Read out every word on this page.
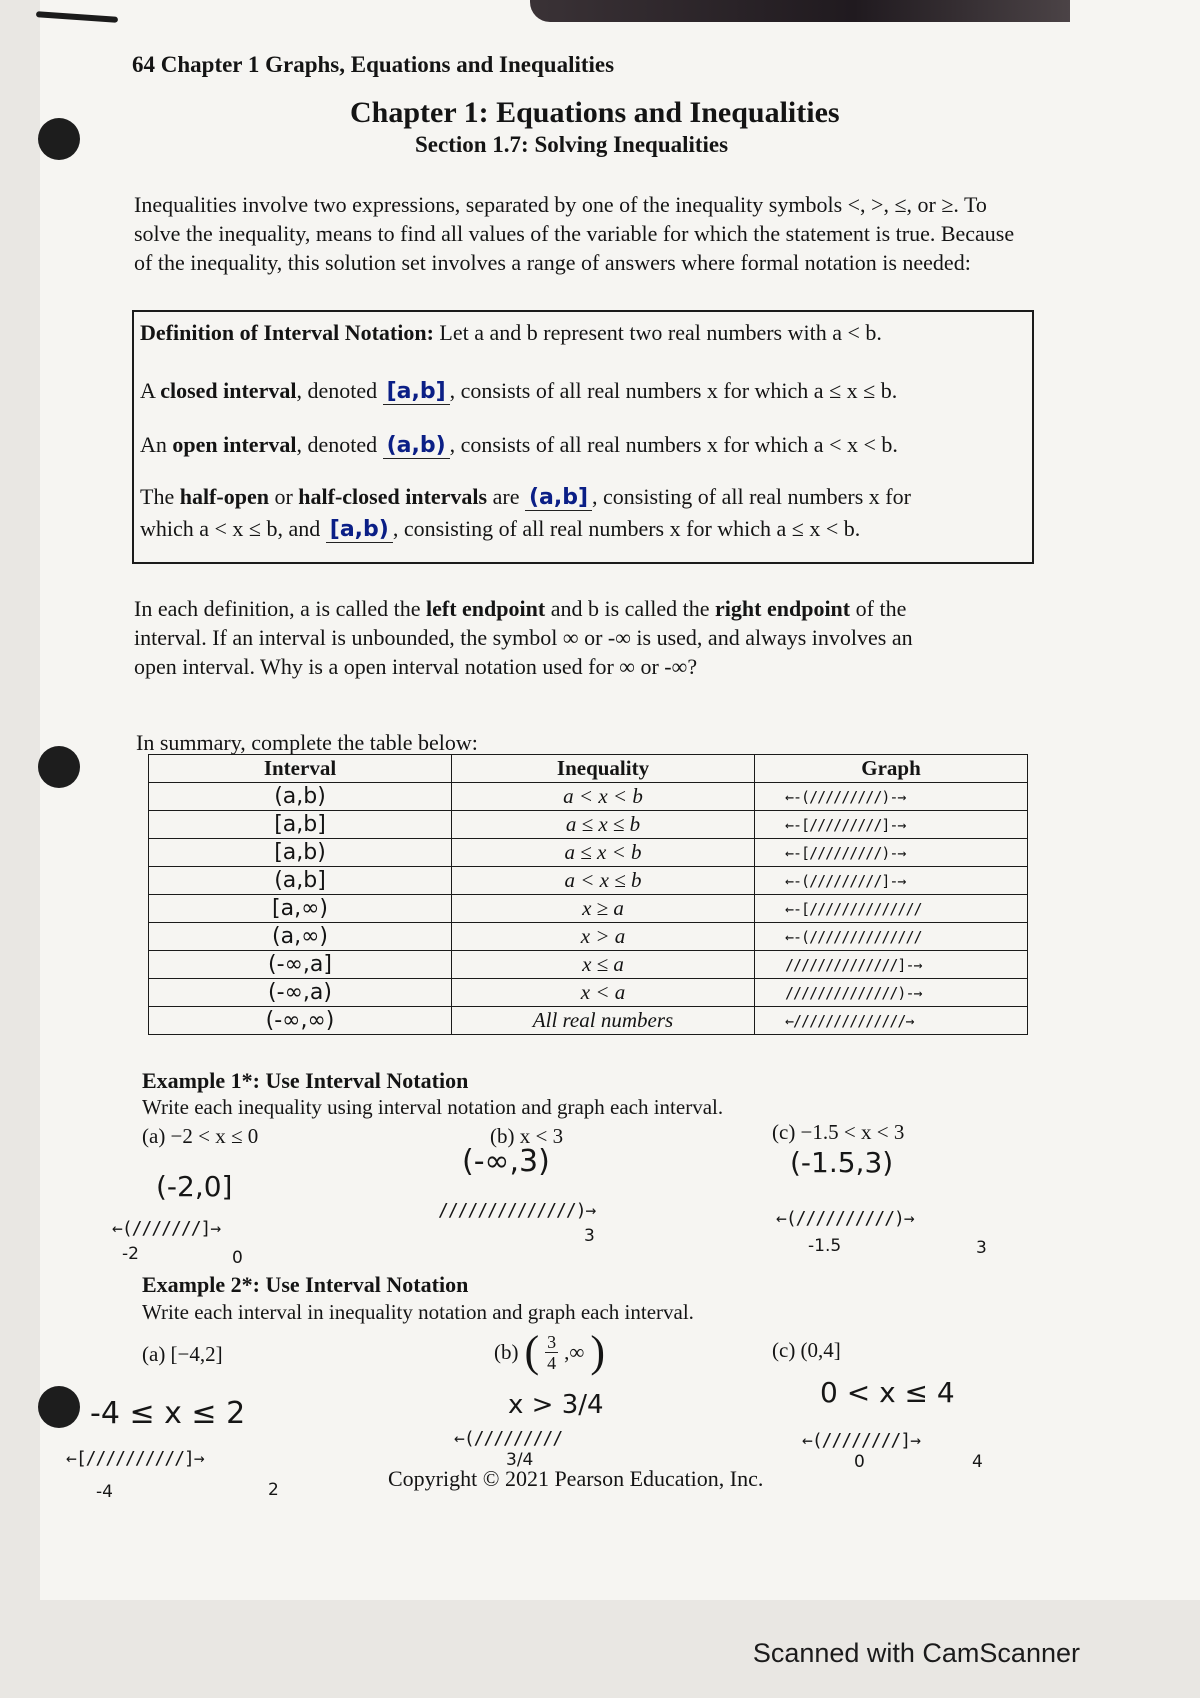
64 Chapter 1 Graphs, Equations and Inequalities
Chapter 1: Equations and Inequalities
Section 1.7: Solving Inequalities
Inequalities involve two expressions, separated by one of the inequality symbols <, >, ≤, or ≥. To solve the inequality, means to find all values of the variable for which the statement is true. Because of the inequality, this solution set involves a range of answers where formal notation is needed:
Definition of Interval Notation: Let a and b represent two real numbers with a < b.
A closed interval, denoted [a,b] , consists of all real numbers x for which a ≤ x ≤ b.
An open interval, denoted (a,b) , consists of all real numbers x for which a < x < b.
The half-open or half-closed intervals are (a,b] , consisting of all real numbers x for
which a < x ≤ b, and [a,b) , consisting of all real numbers x for which a ≤ x < b.
In each definition, a is called the left endpoint and b is called the right endpoint of the
interval. If an interval is unbounded, the symbol ∞ or -∞ is used, and always involves an
open interval. Why is a open interval notation used for ∞ or -∞?
In summary, complete the table below:
Interval	Inequality	Graph
(a,b)	a < x < b	←-(/////////)-→
[a,b]	a ≤ x ≤ b	←-[/////////]-→
[a,b)	a ≤ x < b	←-[/////////)-→
(a,b]	a < x ≤ b	←-(/////////]-→
[a,∞)	x ≥ a	←-[//////////////
(a,∞)	x > a	←-(//////////////
(-∞,a]	x ≤ a	//////////////]-→
(-∞,a)	x < a	//////////////)-→
(-∞,∞)	All real numbers	←//////////////→
Example 1*: Use Interval Notation
Write each inequality using interval notation and graph each interval.
(a) −2 < x ≤ 0	(b) x < 3	(c) −1.5 < x < 3
(-2,0]
←(///////]→
-2	0
(-∞,3)
//////////////)→
3
(-1.5,3)
←(//////////)→
-1.5	3
Example 2*: Use Interval Notation
Write each interval in inequality notation and graph each interval.
(a) [−4,2]	(b) ( $\frac{3}{4}$ ,∞ )	(c) (0,4]
-4 ≤ x ≤ 2
←[//////////]→
-4	2
x > 3/4
←(/////////
3/4
0 < x ≤ 4
←(////////]→
0	4
Copyright © 2021 Pearson Education, Inc.
Scanned with CamScanner
